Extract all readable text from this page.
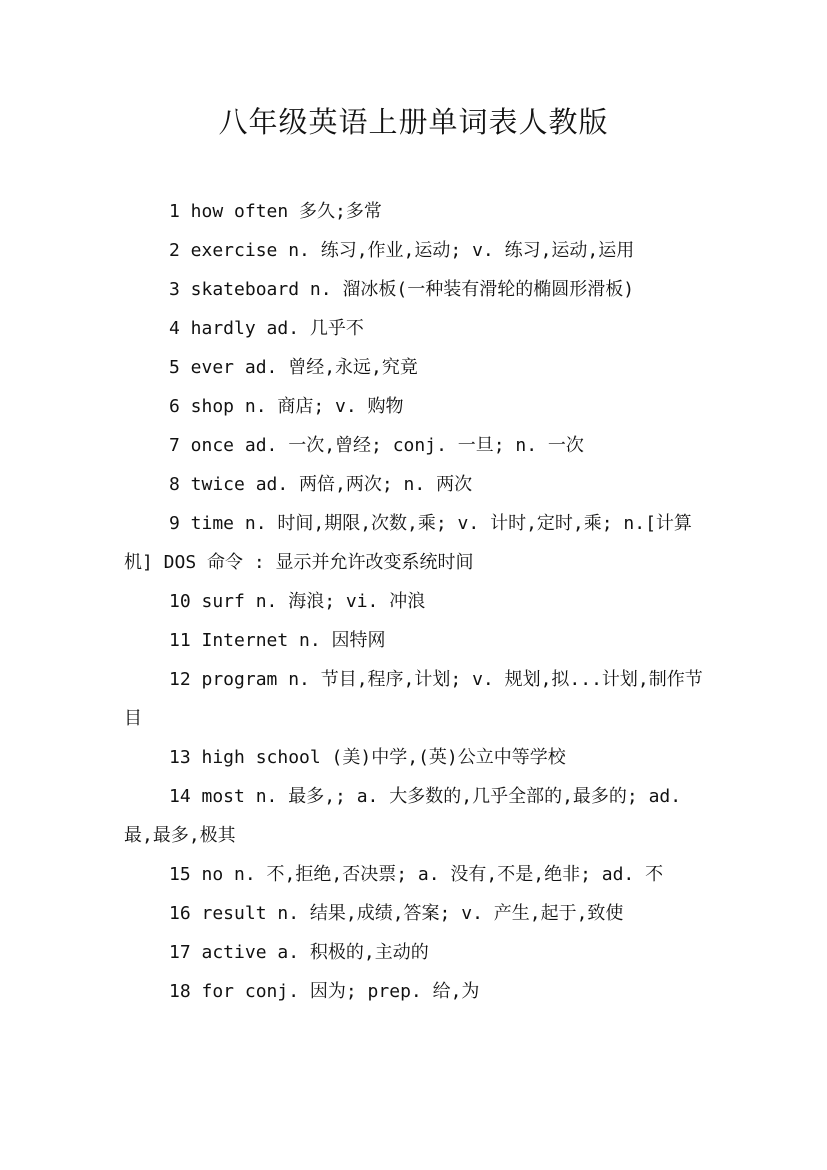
八年级英语上册单词表人教版

1 how often 多久;多常

2 exercise n. 练习,作业,运动; v. 练习,运动,运用

3 skateboard n. 溜冰板(一种装有滑轮的椭圆形滑板)

4 hardly ad. 几乎不

5 ever ad. 曾经,永远,究竟

6 shop n. 商店; v. 购物

7 once ad. 一次,曾经; conj. 一旦; n. 一次

8 twice ad. 两倍,两次; n. 两次

9 time n. 时间,期限,次数,乘; v. 计时,定时,乘; n.[计算机] DOS 命令 : 显示并允许改变系统时间

10 surf n. 海浪; vi. 冲浪

11 Internet n. 因特网

12 program n. 节目,程序,计划; v. 规划,拟...计划,制作节目

13 high school (美)中学,(英)公立中等学校

14 most n. 最多,; a. 大多数的,几乎全部的,最多的; ad. 最,最多,极其

15 no n. 不,拒绝,否决票; a. 没有,不是,绝非; ad. 不

16 result n. 结果,成绩,答案; v. 产生,起于,致使

17 active a. 积极的,主动的

18 for conj. 因为; prep. 给,为
